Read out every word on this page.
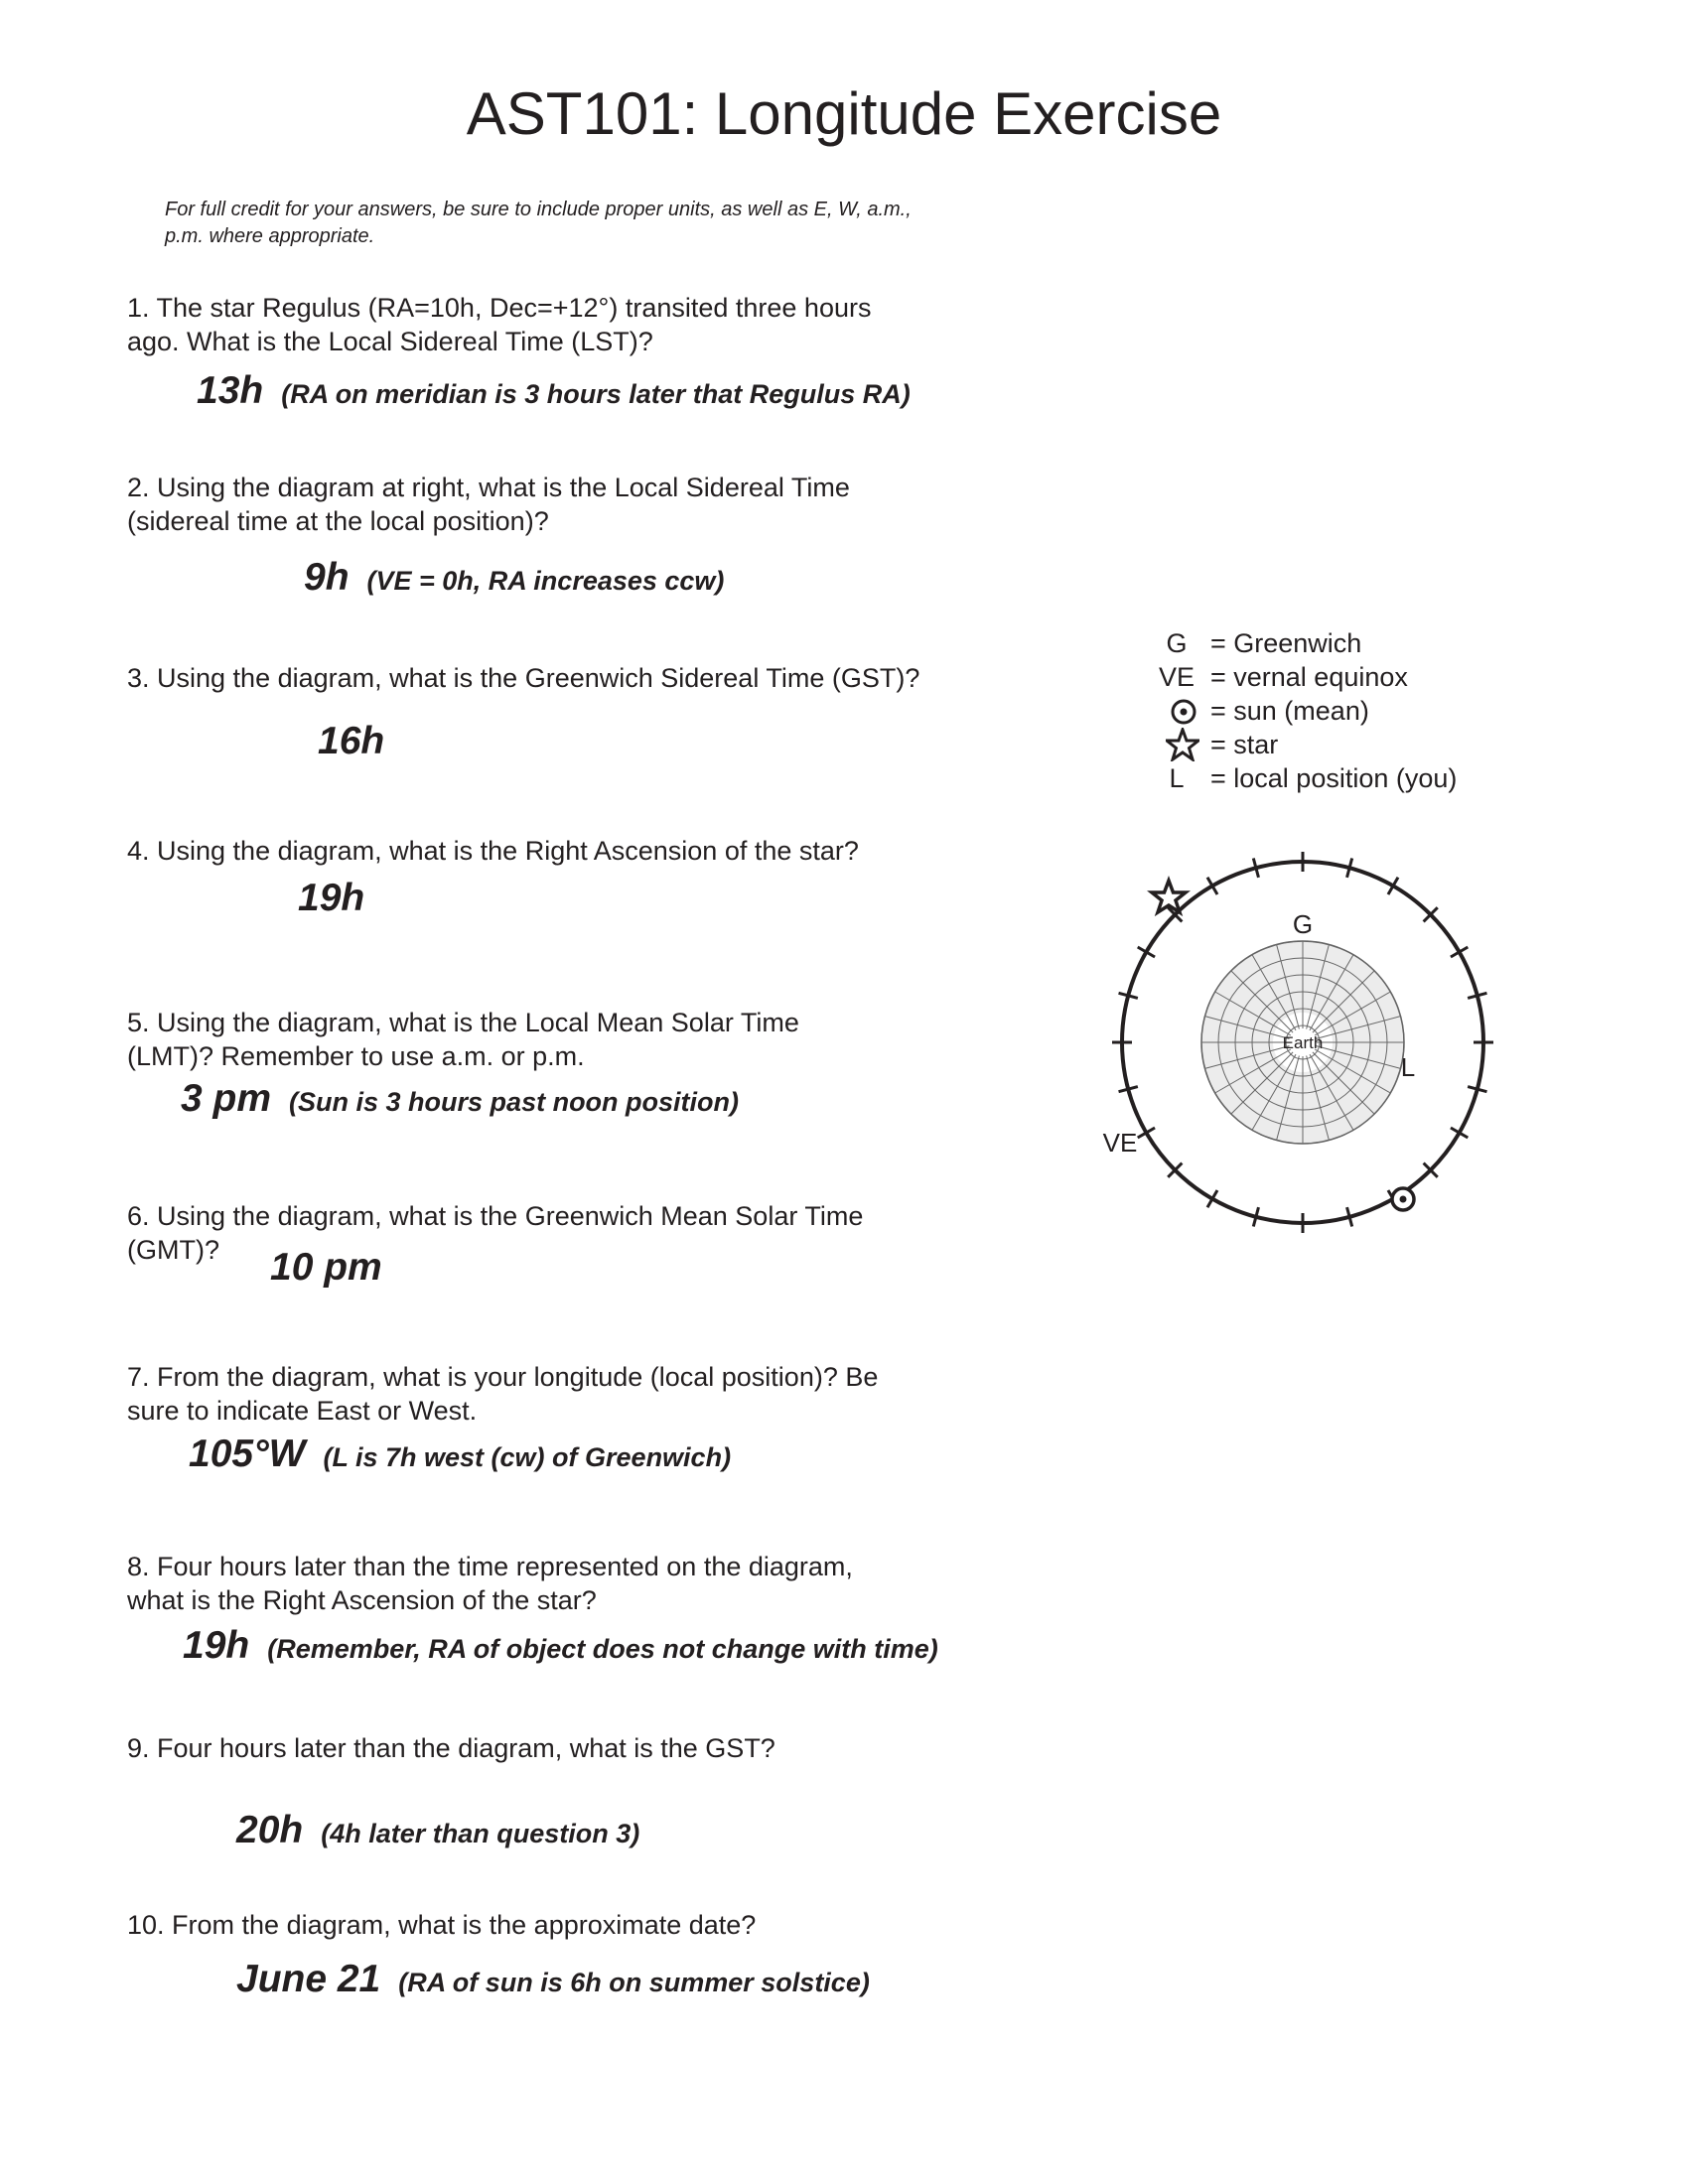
AST101: Longitude Exercise
For full credit for your answers, be sure to include proper units, as well as E, W, a.m., p.m. where appropriate.
1. The star Regulus (RA=10h, Dec=+12°) transited three hours ago. What is the Local Sidereal Time (LST)?
13h (RA on meridian is 3 hours later that Regulus RA)
2. Using the diagram at right, what is the Local Sidereal Time (sidereal time at the local position)?
9h (VE = 0h, RA increases ccw)
3. Using the diagram, what is the Greenwich Sidereal Time (GST)?
16h
4. Using the diagram, what is the Right Ascension of the star?
19h
5. Using the diagram, what is the Local Mean Solar Time (LMT)? Remember to use a.m. or p.m.
3 pm (Sun is 3 hours past noon position)
6. Using the diagram, what is the Greenwich Mean Solar Time (GMT)?	10 pm
7. From the diagram, what is your longitude (local position)? Be sure to indicate East or West.
105°W (L is 7h west (cw) of Greenwich)
8. Four hours later than the time represented on the diagram, what is the Right Ascension of the star?
19h (Remember, RA of object does not change with time)
9. Four hours later than the diagram, what is the GST?
20h (4h later than question 3)
10. From the diagram, what is the approximate date?
June 21 (RA of sun is 6h on summer solstice)
G = Greenwich
VE = vernal equinox
= sun (mean)
= star
L = local position (you)
Earth
G
L
VE
